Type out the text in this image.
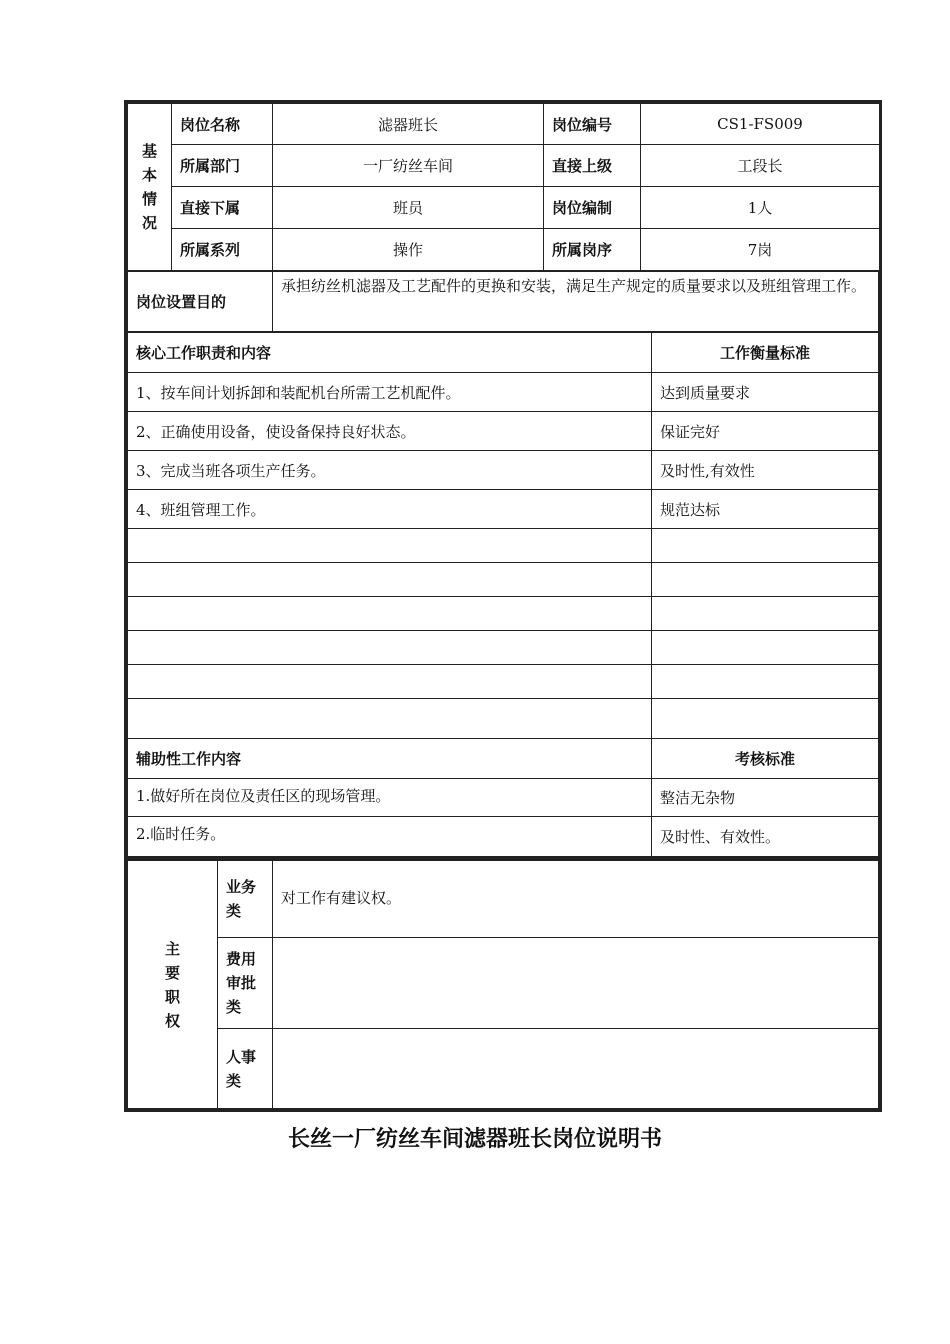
基
本
情
况	岗位名称	滤器班长	岗位编号	CS1-FS009
	所属部门	一厂纺丝车间	直接上级	工段长
	直接下属	班员	岗位编制	1人
	所属系列	操作	所属岗序	7岗
岗位设置目的	承担纺丝机滤器及工艺配件的更换和安装，满足生产规定的质量要求以及班组管理工作。
核心工作职责和内容	工作衡量标准
1、按车间计划拆卸和装配机台所需工艺机配件。	达到质量要求
2、正确使用设备，使设备保持良好状态。	保证完好
3、完成当班各项生产任务。	及时性,有效性
4、班组管理工作。	规范达标

辅助性工作内容	考核标准
1.做好所在岗位及责任区的现场管理。	整洁无杂物
2.临时任务。	及时性、有效性。
主
要
职
权	业务类	对工作有建议权。
	费用审批类	
	人事类	
长丝一厂纺丝车间滤器班长岗位说明书
